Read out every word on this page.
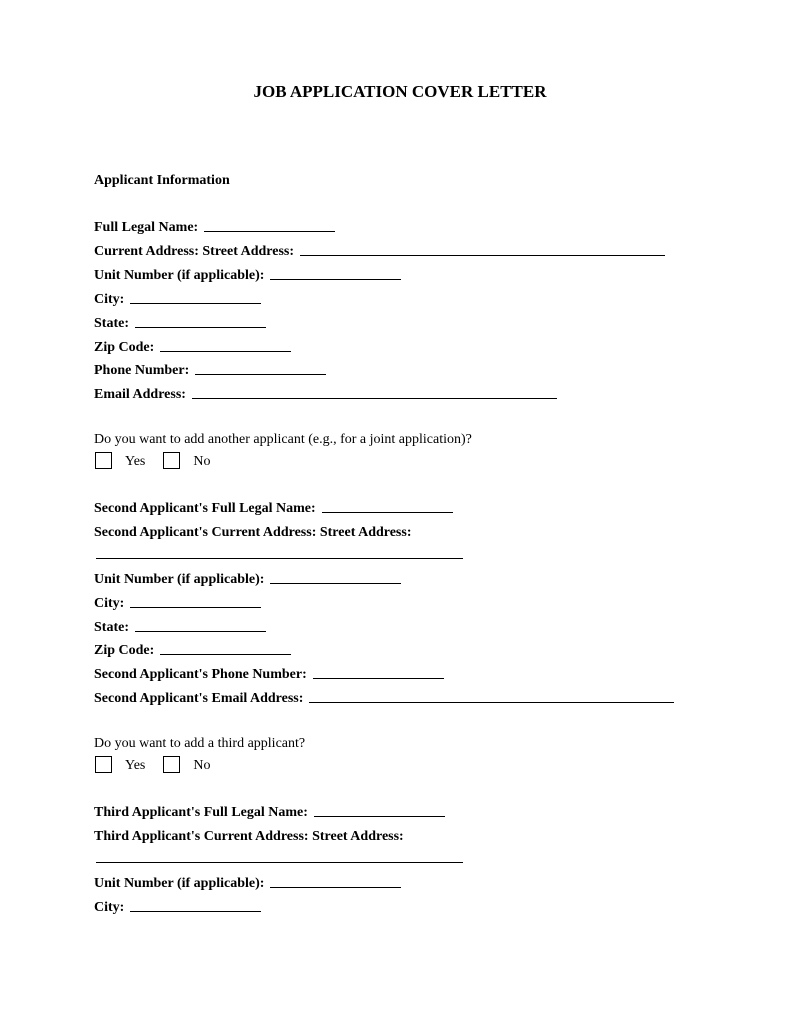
JOB APPLICATION COVER LETTER
Applicant Information
Full Legal Name:
Current Address: Street Address:
Unit Number (if applicable):
City:
State:
Zip Code:
Phone Number:
Email Address:
Do you want to add another applicant (e.g., for a joint application)?
Yes	No
Second Applicant's Full Legal Name:
Second Applicant's Current Address: Street Address:
Unit Number (if applicable):
City:
State:
Zip Code:
Second Applicant's Phone Number:
Second Applicant's Email Address:
Do you want to add a third applicant?
Yes	No
Third Applicant's Full Legal Name:
Third Applicant's Current Address: Street Address:
Unit Number (if applicable):
City:
